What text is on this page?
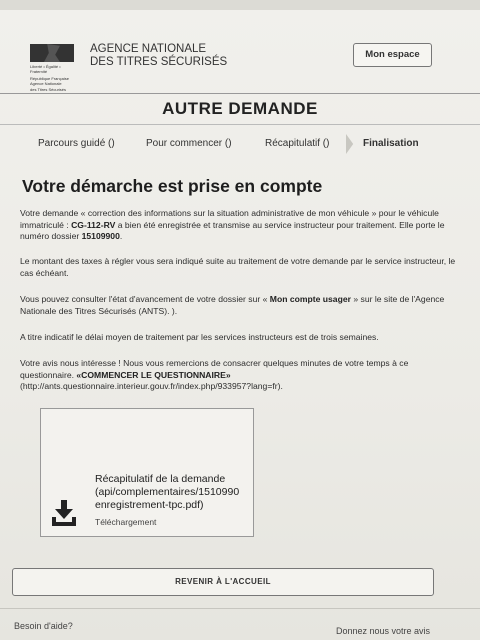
Liberté • Égalité • Fraternité
République Française
Agence Nationale
des Titres Sécurisés
AGENCE NATIONALE
DES TITRES SÉCURISÉS
Mon espace
AUTRE DEMANDE
Parcours guidé ()	Pour commencer ()	Récapitulatif ()	Finalisation
Votre démarche est prise en compte
Votre demande « correction des informations sur la situation administrative de mon véhicule » pour le véhicule immatriculé : CG-112-RV a bien été enregistrée et transmise au service instructeur pour traitement. Elle porte le numéro dossier 15109900.
Le montant des taxes à régler vous sera indiqué suite au traitement de votre demande par le service instructeur, le cas échéant.
Vous pouvez consulter l'état d'avancement de votre dossier sur « Mon compte usager » sur le site de l'Agence Nationale des Titres Sécurisés (ANTS). ).
A titre indicatif le délai moyen de traitement par les services instructeurs est de trois semaines.
Votre avis nous intéresse ! Nous vous remercions de consacrer quelques minutes de votre temps à ce questionnaire. «COMMENCER LE QUESTIONNAIRE» (http://ants.questionnaire.interieur.gouv.fr/index.php/933957?lang=fr).
Récapitulatif de la demande
(api/complementaires/1510990
enregistrement-tpc.pdf)
Téléchargement
REVENIR À L'ACCUEIL
Besoin d'aide?	Donnez nous votre avis
